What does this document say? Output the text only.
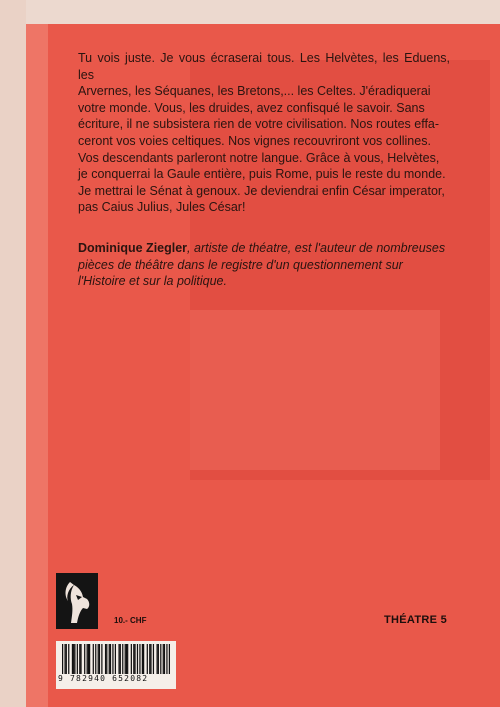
Tu vois juste. Je vous écraserai tous. Les Helvètes, les Eduens, les
Arvernes, les Séquanes, les Bretons,... les Celtes. J'éradiquerai
votre monde. Vous, les druides, avez confisqué le savoir. Sans
écriture, il ne subsistera rien de votre civilisation. Nos routes effa-
ceront vos voies celtiques. Nos vignes recouvriront vos collines.
Vos descendants parleront notre langue. Grâce à vous, Helvètes,
je conquerrai la Gaule entière, puis Rome, puis le reste du monde.
Je mettrai le Sénat à genoux. Je deviendrai enfin César imperator,
pas Caius Julius, Jules César!
Dominique Ziegler, artiste de théatre, est l'auteur de nombreuses pièces de théâtre dans le registre d'un questionnement sur l'Histoire et sur la politique.
10.- CHF	THÉATRE 5
9 782940 652082
